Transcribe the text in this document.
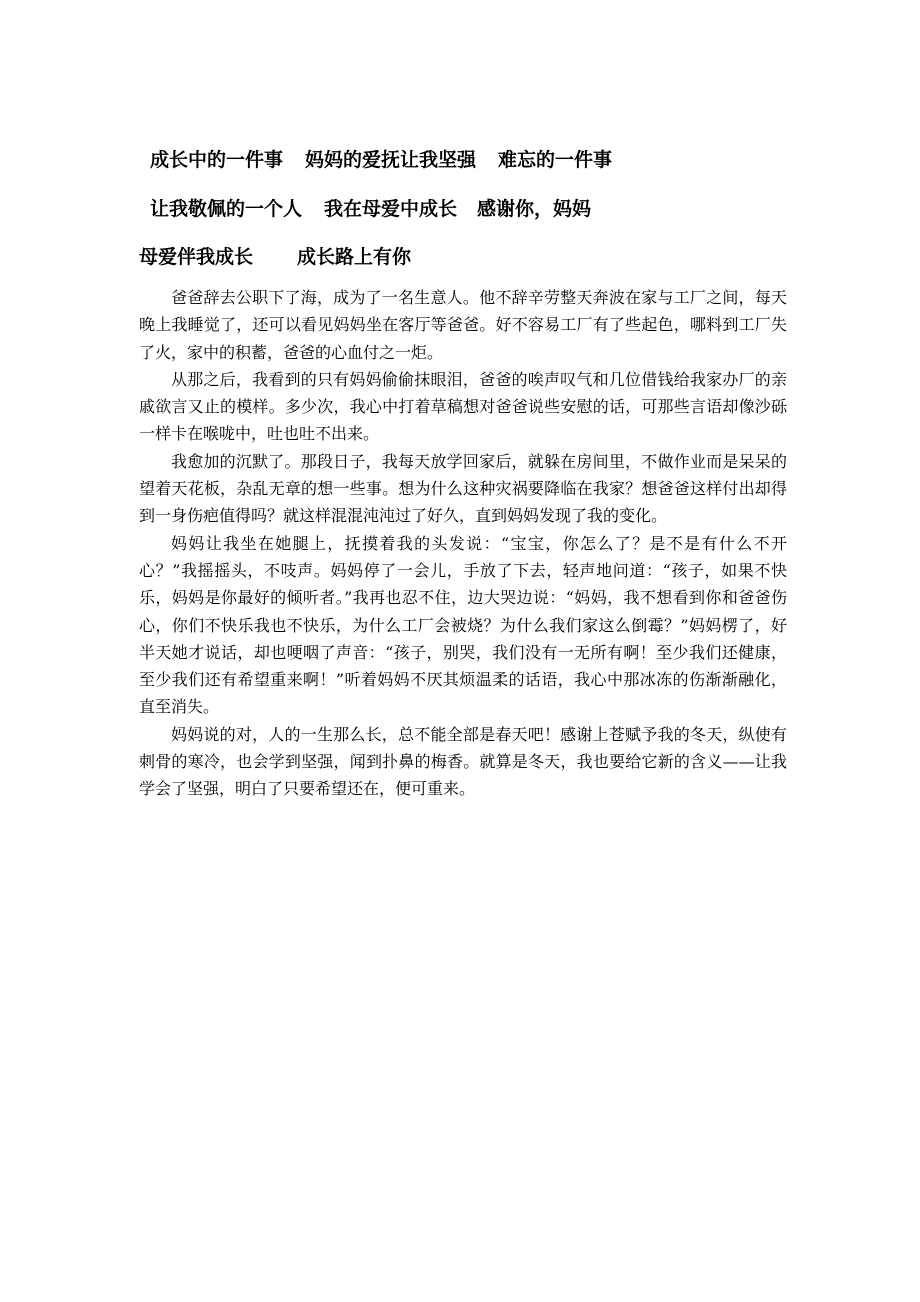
成长中的一件事 妈妈的爱抚让我坚强 难忘的一件事
让我敬佩的一个人 我在母爱中成长 感谢你，妈妈
母爱伴我成长 成长路上有你

爸爸辞去公职下了海，成为了一名生意人。他不辞辛劳整天奔波在家与工厂之间，每天晚上我睡觉了，还可以看见妈妈坐在客厅等爸爸。好不容易工厂有了些起色，哪料到工厂失了火，家中的积蓄，爸爸的心血付之一炬。

从那之后，我看到的只有妈妈偷偷抹眼泪，爸爸的唉声叹气和几位借钱给我家办厂的亲戚欲言又止的模样。多少次，我心中打着草稿想对爸爸说些安慰的话，可那些言语却像沙砾一样卡在喉咙中，吐也吐不出来。

我愈加的沉默了。那段日子，我每天放学回家后，就躲在房间里，不做作业而是呆呆的望着天花板，杂乱无章的想一些事。想为什么这种灾祸要降临在我家？想爸爸这样付出却得到一身伤疤值得吗？就这样混混沌沌过了好久，直到妈妈发现了我的变化。

妈妈让我坐在她腿上，抚摸着我的头发说：“宝宝，你怎么了？是不是有什么不开心？”我摇摇头，不吱声。妈妈停了一会儿，手放了下去，轻声地问道：“孩子，如果不快乐，妈妈是你最好的倾听者。”我再也忍不住，边大哭边说：“妈妈，我不想看到你和爸爸伤心，你们不快乐我也不快乐，为什么工厂会被烧？为什么我们家这么倒霉？”妈妈楞了，好半天她才说话，却也哽咽了声音：“孩子，别哭，我们没有一无所有啊！至少我们还健康，至少我们还有希望重来啊！”听着妈妈不厌其烦温柔的话语，我心中那冰冻的伤渐渐融化，直至消失。

妈妈说的对，人的一生那么长，总不能全部是春天吧！感谢上苍赋予我的冬天，纵使有刺骨的寒冷，也会学到坚强，闻到扑鼻的梅香。就算是冬天，我也要给它新的含义——让我学会了坚强，明白了只要希望还在，便可重来。
